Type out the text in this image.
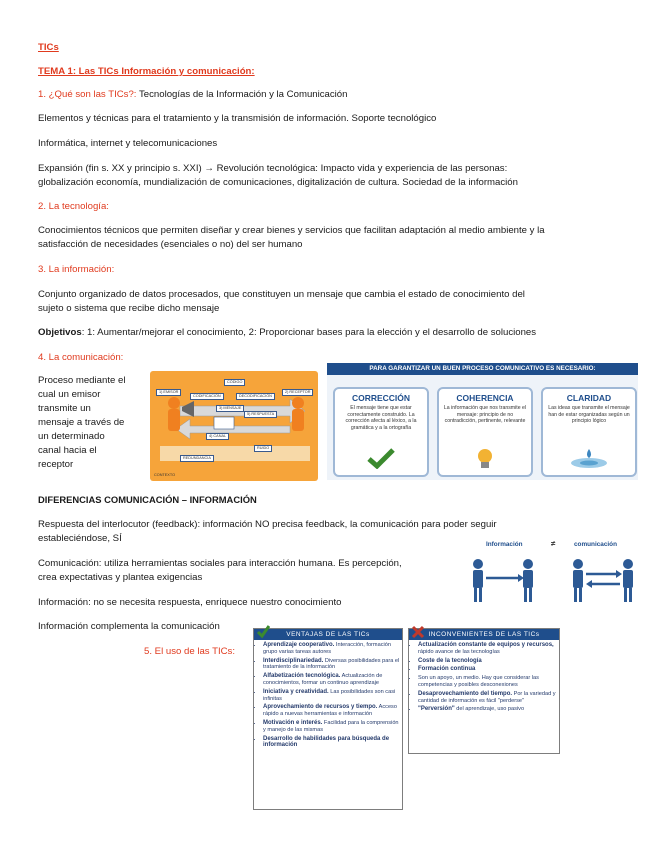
TICs
TEMA 1: Las TICs Información y comunicación:

1. ¿Qué son las TICs?: Tecnologías de la Información y la Comunicación

Elementos y técnicas para el tratamiento y la transmisión de información. Soporte tecnológico

Informática, internet y telecomunicaciones

Expansión (fin s. XX y principio s. XXI) → Revolución tecnológica: Impacto vida y experiencia de las personas:

globalización economía, mundialización de comunicaciones, digitalización de cultura. Sociedad de la información

2. La tecnología:

Conocimientos técnicos que permiten diseñar y crear bienes y servicios que facilitan adaptación al medio ambiente y la

satisfacción de necesidades (esenciales o no) del ser humano

3. La información:

Conjunto organizado de datos procesados, que constituyen un mensaje que cambia el estado de conocimiento del

sujeto o sistema que recibe dicho mensaje

Objetivos: 1: Aumentar/mejorar el conocimiento, 2: Proporcionar bases para la elección y el desarrollo de soluciones

4. La comunicación:

Proceso mediante el

cual un emisor

transmite un

mensaje a través de

un determinado

canal hacia el

receptor

1) EMISOR
CÓDIGO
CODIFICACIÓN	DECODIFICACIÓN
2) RECEPTOR
3) MENSAJE
5) RESPUESTA
4) CANAL
RUIDO
REDUNDANCIA
CONTEXTO
PARA GARANTIZAR UN BUEN PROCESO COMUNICATIVO ES NECESARIO:
CORRECCIÓN
El mensaje tiene que estar correctamente construido. La corrección afecta al léxico, a la gramática y a la ortografía
COHERENCIA
La información que nos transmite el mensaje: principio de no contradicción, pertinente, relevante
CLARIDAD
Las ideas que transmite el mensaje han de estar organizadas según un principio lógico

DIFERENCIAS COMUNICACIÓN – INFORMACIÓN

Respuesta del interlocutor (feedback): información NO precisa feedback, la comunicación para poder seguir

estableciéndose, SÍ

Comunicación: utiliza herramientas sociales para interacción humana. Es percepción,

crea expectativas y plantea exigencias

Información: no se necesita respuesta, enriquece nuestro conocimiento

Información complementa la comunicación

Información	≠	comunicación

5. El uso de las TICs:

VENTAJAS DE LAS TICs
• Aprendizaje cooperativo. Interacción, formación grupo varias tareas autores
• Interdisciplinariedad. Diversas posibilidades para el tratamiento de la información
• Alfabetización tecnológica. Actualización de conocimientos, formar un continuo aprendizaje
• Iniciativa y creatividad. Las posibilidades son casi infinitas
• Aprovechamiento de recursos y tiempo. Acceso rápido a nuevas herramientas e información
• Motivación e interés. Facilidad para la comprensión y manejo de las mismas
• Desarrollo de habilidades para búsqueda de información
INCONVENIENTES DE LAS TICs
• Actualización constante de equipos y recursos, rápido avance de las tecnologías
• Coste de la tecnología
• Formación continua
• Son un apoyo, un medio. Hay que considerar las competencias y posibles desconexiones
• Desaprovechamiento del tiempo. Por la variedad y cantidad de información es fácil "perderse"
• "Perversión" del aprendizaje, uso pasivo
